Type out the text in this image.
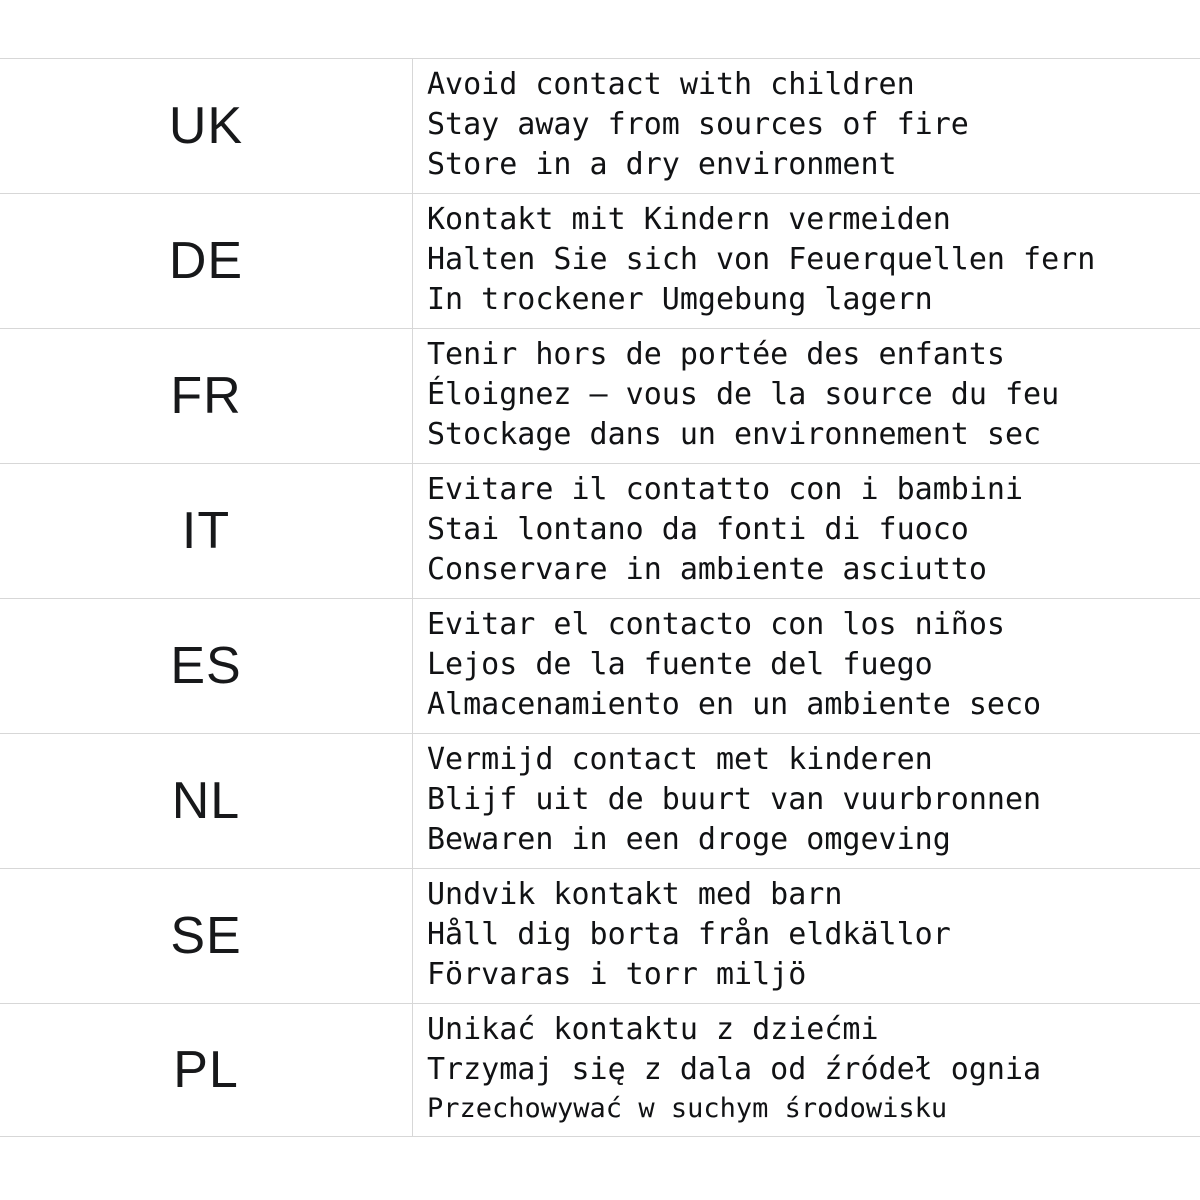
UK	Avoid contact with children
Stay away from sources of fire
Store in a dry environment

DE	Kontakt mit Kindern vermeiden
Halten Sie sich von Feuerquellen fern
In trockener Umgebung lagern

FR	Tenir hors de portée des enfants
Éloignez – vous de la source du feu
Stockage dans un environnement sec

IT	Evitare il contatto con i bambini
Stai lontano da fonti di fuoco
Conservare in ambiente asciutto

ES	Evitar el contacto con los niños
Lejos de la fuente del fuego
Almacenamiento en un ambiente seco

NL	Vermijd contact met kinderen
Blijf uit de buurt van vuurbronnen
Bewaren in een droge omgeving

SE	Undvik kontakt med barn
Håll dig borta från eldkällor
Förvaras i torr miljö

PL	Unikać kontaktu z dziećmi
Trzymaj się z dala od źródeł ognia
Przechowywać w suchym środowisku
